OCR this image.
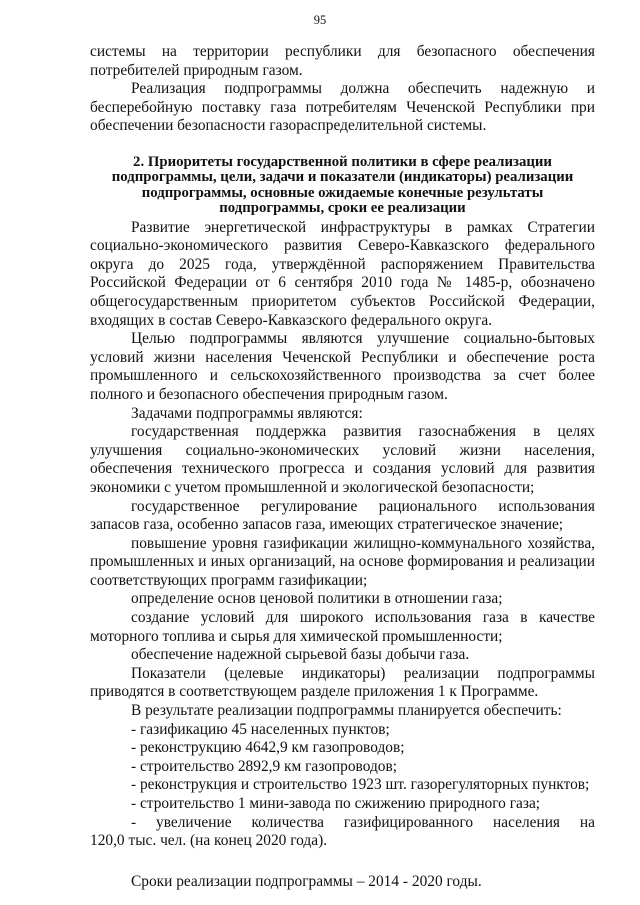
95

системы на территории республики для безопасного обеспечения потребителей природным газом.

Реализация подпрограммы должна обеспечить надежную и бесперебойную поставку газа потребителям Чеченской Республики при обеспечении безопасности газораспределительной системы.

2. Приоритеты государственной политики в сфере реализации подпрограммы, цели, задачи и показатели (индикаторы) реализации подпрограммы, основные ожидаемые конечные результаты подпрограммы, сроки ее реализации

Развитие энергетической инфраструктуры в рамках Стратегии социально-экономического развития Северо-Кавказского федерального округа до 2025 года, утверждённой распоряжением Правительства Российской Федерации от 6 сентября 2010 года № 1485-р, обозначено общегосударственным приоритетом субъектов Российской Федерации, входящих в состав Северо-Кавказского федерального округа.

Целью подпрограммы являются улучшение социально-бытовых условий жизни населения Чеченской Республики и обеспечение роста промышленного и сельскохозяйственного производства за счет более полного и безопасного обеспечения природным газом.

Задачами подпрограммы являются:

государственная поддержка развития газоснабжения в целях улучшения социально-экономических условий жизни населения, обеспечения технического прогресса и создания условий для развития экономики с учетом промышленной и экологической безопасности;

государственное регулирование рационального использования запасов газа, особенно запасов газа, имеющих стратегическое значение;

повышение уровня газификации жилищно-коммунального хозяйства, промышленных и иных организаций, на основе формирования и реализации соответствующих программ газификации;

определение основ ценовой политики в отношении газа;

создание условий для широкого использования газа в качестве моторного топлива и сырья для химической промышленности;

обеспечение надежной сырьевой базы добычи газа.

Показатели (целевые индикаторы) реализации подпрограммы приводятся в соответствующем разделе приложения 1 к Программе.

В результате реализации подпрограммы планируется обеспечить:

- газификацию 45 населенных пунктов;

- реконструкцию 4642,9 км газопроводов;

- строительство 2892,9 км газопроводов;

- реконструкция и строительство 1923 шт. газорегуляторных пунктов;

- строительство 1 мини-завода по сжижению природного газа;

- увеличение количества газифицированного населения на

120,0 тыс. чел. (на конец 2020 года).

Сроки реализации подпрограммы – 2014 - 2020 годы.
